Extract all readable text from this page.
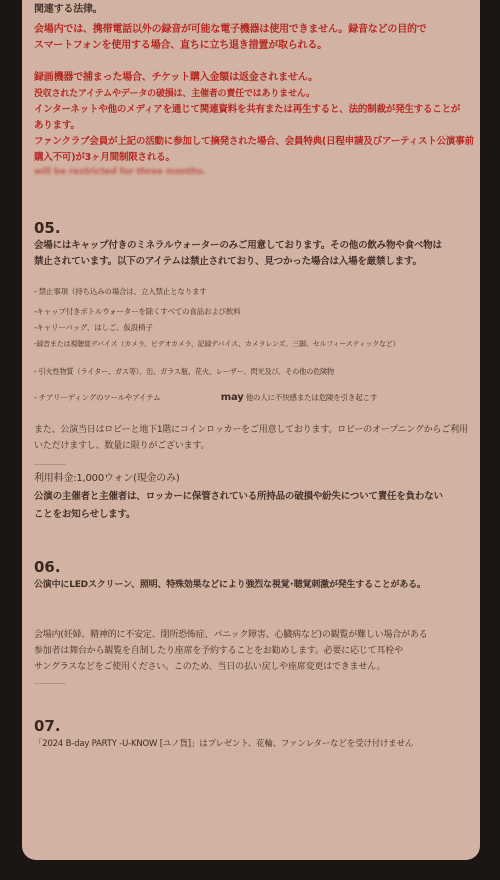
関連する法律。

会場内では、携帯電話以外の録音が可能な電子機器は使用できません。録音などの目的で

スマートフォンを使用する場合、直ちに立ち退き措置が取られる。

録画機器で捕まった場合、チケット購入金額は返金されません。

没収されたアイテムやデータの破損は、主催者の責任ではありません。

インターネットや他のメディアを通じて関連資料を共有または再生すると、法的制裁が発生することが

あります。

ファンクラブ会員が上記の活動に参加して摘発された場合、会員特典(日程申請及びアーティスト公演事前

購入不可)が3ヶ月間制限される。

will be restricted for three months.

05.

会場にはキャップ付きのミネラルウォーターのみご用意しております。その他の飲み物や食べ物は

禁止されています。以下のアイテムは禁止されており、見つかった場合は入場を厳禁します。

- 禁止事項（持ち込みの場合は、立入禁止となります

-キャップ付きボトルウォーターを除くすべての食品および飲料

-キャリーバッグ、はしご、仮設椅子

-録音または視聴覚デバイス（カメラ、ビデオカメラ、記録デバイス、カメラレンズ、三脚、セルフィースティックなど）

- 引火性物質（ライター、ガス等）、缶、ガラス瓶、花火、レーザー、閃光及び、その他の危険物

- チアリーディングのツールやアイテム	may 他の人に不快感または危険を引き起こす

また、公演当日はロビーと地下1階にコインロッカーをご用意しております。ロビーのオープニングからご利用

いただけますし、数量に限りがございます。

利用料金:1,000ウォン(現金のみ)

公演の主催者と主催者は、ロッカーに保管されている所持品の破損や紛失について責任を負わない

ことをお知らせします。

06.

公演中にLEDスクリーン、照明、特殊効果などにより強烈な視覚･聴覚刺激が発生することがある。

会場内(妊婦、精神的に不安定、閉所恐怖症、パニック障害、心臓病など)の観覧が難しい場合がある

参加者は舞台から観覧を自制したり座席を予約することをお勧めします。必要に応じて耳栓や

サングラスなどをご使用ください。このため、当日の払い戻しや座席変更はできません。

07.

「2024 B-day PARTY -U-KNOW [ユノ貨]」はプレゼント、花輪、ファンレターなどを受け付けません
